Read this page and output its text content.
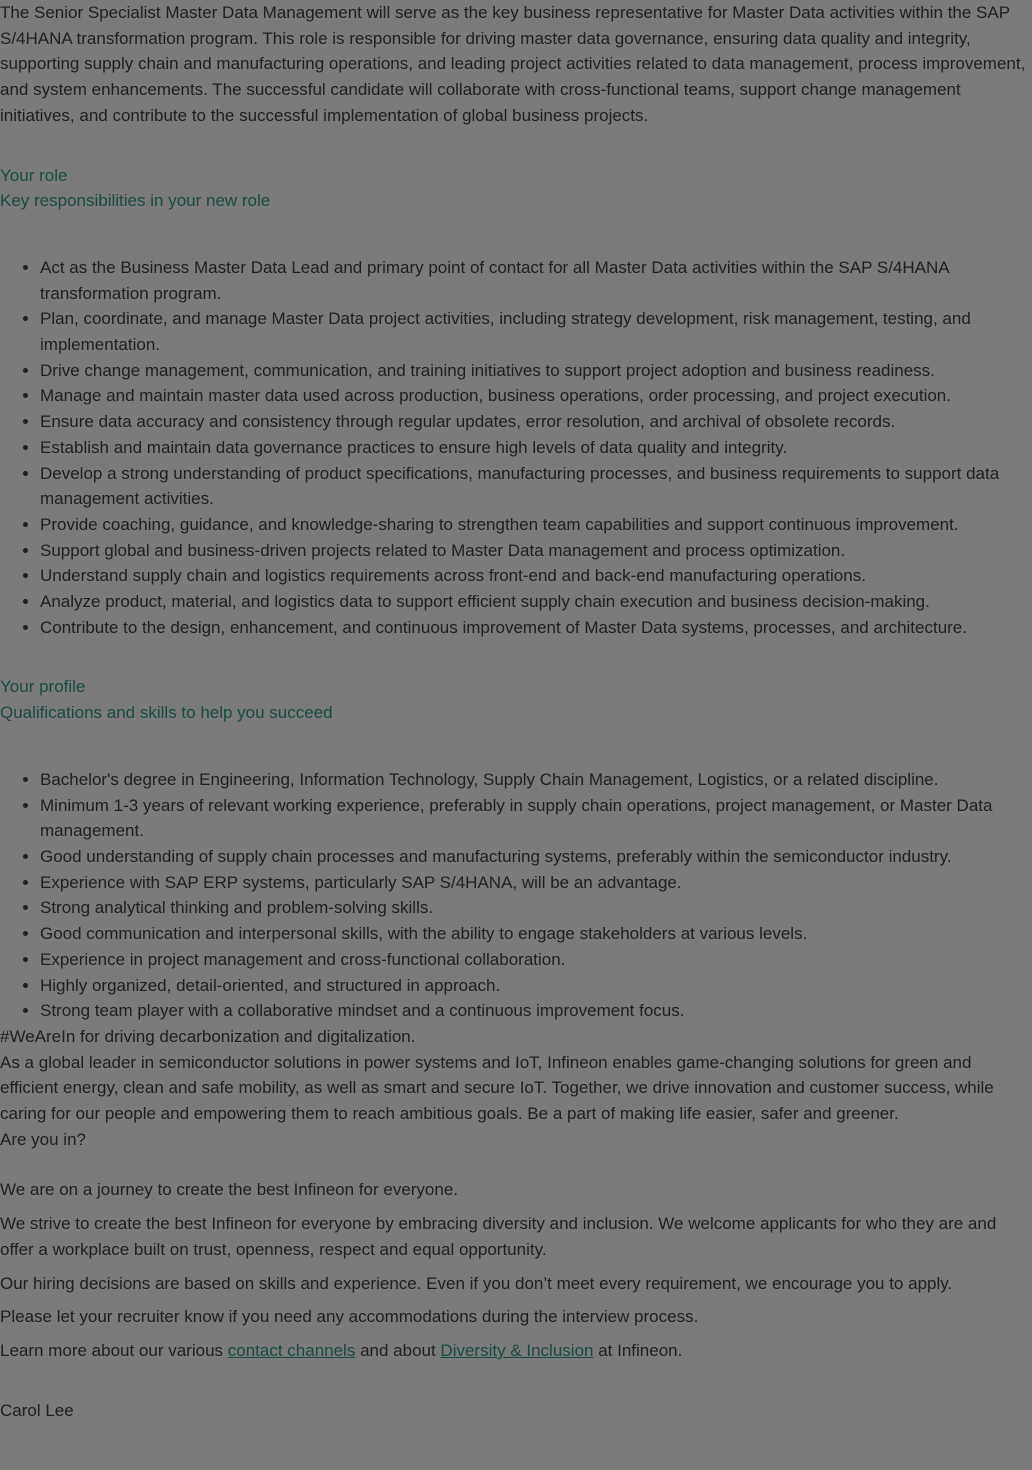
The Senior Specialist Master Data Management will serve as the key business representative for Master Data activities within the SAP S/4HANA transformation program. This role is responsible for driving master data governance, ensuring data quality and integrity, supporting supply chain and manufacturing operations, and leading project activities related to data management, process improvement, and system enhancements. The successful candidate will collaborate with cross-functional teams, support change management initiatives, and contribute to the successful implementation of global business projects.

Your role
Key responsibilities in your new role
• Act as the Business Master Data Lead and primary point of contact for all Master Data activities within the SAP S/4HANA transformation program.
• Plan, coordinate, and manage Master Data project activities, including strategy development, risk management, testing, and implementation.
• Drive change management, communication, and training initiatives to support project adoption and business readiness.
• Manage and maintain master data used across production, business operations, order processing, and project execution.
• Ensure data accuracy and consistency through regular updates, error resolution, and archival of obsolete records.
• Establish and maintain data governance practices to ensure high levels of data quality and integrity.
• Develop a strong understanding of product specifications, manufacturing processes, and business requirements to support data management activities.
• Provide coaching, guidance, and knowledge-sharing to strengthen team capabilities and support continuous improvement.
• Support global and business-driven projects related to Master Data management and process optimization.
• Understand supply chain and logistics requirements across front-end and back-end manufacturing operations.
• Analyze product, material, and logistics data to support efficient supply chain execution and business decision-making.
• Contribute to the design, enhancement, and continuous improvement of Master Data systems, processes, and architecture.
Your profile
Qualifications and skills to help you succeed
• Bachelor's degree in Engineering, Information Technology, Supply Chain Management, Logistics, or a related discipline.
• Minimum 1-3 years of relevant working experience, preferably in supply chain operations, project management, or Master Data management.
• Good understanding of supply chain processes and manufacturing systems, preferably within the semiconductor industry.
• Experience with SAP ERP systems, particularly SAP S/4HANA, will be an advantage.
• Strong analytical thinking and problem-solving skills.
• Good communication and interpersonal skills, with the ability to engage stakeholders at various levels.
• Experience in project management and cross-functional collaboration.
• Highly organized, detail-oriented, and structured in approach.
• Strong team player with a collaborative mindset and a continuous improvement focus.

#WeAreIn for driving decarbonization and digitalization.

As a global leader in semiconductor solutions in power systems and IoT, Infineon enables game-changing solutions for green and efficient energy, clean and safe mobility, as well as smart and secure IoT. Together, we drive innovation and customer success, while caring for our people and empowering them to reach ambitious goals. Be a part of making life easier, safer and greener.

Are you in?

We are on a journey to create the best Infineon for everyone.

We strive to create the best Infineon for everyone by embracing diversity and inclusion. We welcome applicants for who they are and offer a workplace built on trust, openness, respect and equal opportunity.

Our hiring decisions are based on skills and experience. Even if you don’t meet every requirement, we encourage you to apply.

Please let your recruiter know if you need any accommodations during the interview process.

Learn more about our various contact channels and about Diversity & Inclusion at Infineon.

Carol Lee
